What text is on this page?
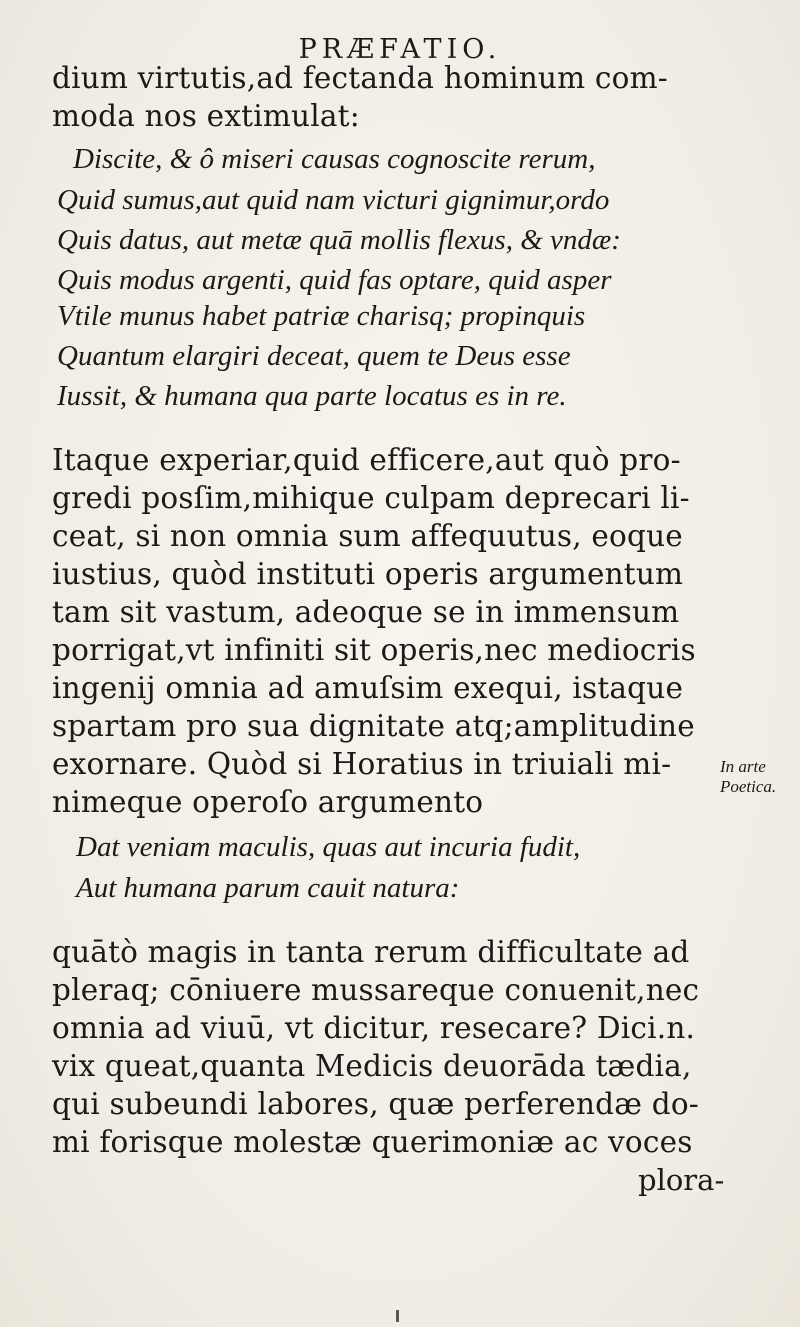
PRÆFATIO.
dium virtutis,ad fectanda hominum com-
moda nos extimulat:
Discite, & ô miseri causas cognoscite rerum,
Quid sumus,aut quid nam victuri gignimur,ordo
Quis datus, aut metæ quā mollis flexus, & vndæ:
Quis modus argenti, quid fas optare, quid asper
Vtile munus habet patriæ charisq; propinquis
Quantum elargiri deceat, quem te Deus esse
Iussit, & humana qua parte locatus es in re.
Itaque experiar,quid efficere,aut quò pro-
gredi posſim,mihique culpam deprecari li-
ceat, si non omnia sum affequutus, eoque
iustius, quòd instituti operis argumentum
tam sit vastum, adeoque se in immensum
porrigat,vt infiniti sit operis,nec mediocris
ingenij omnia ad amuſsim exequi, istaque
spartam pro sua dignitate atq;amplitudine
exornare. Quòd si Horatius in triuiali mi-
nimeque operoſo argumento
In arte
Poetica.
Dat veniam maculis, quas aut incuria fudit,
Aut humana parum cauit natura:
quātò magis in tanta rerum difficultate ad
pleraq; cōniuere mussareque conuenit,nec
omnia ad viuū, vt dicitur, resecare? Dici.n.
vix queat,quanta Medicis deuorāda tædia,
qui subeundi labores, quæ perferendæ do-
mi forisque molestæ querimoniæ ac voces
plora-
